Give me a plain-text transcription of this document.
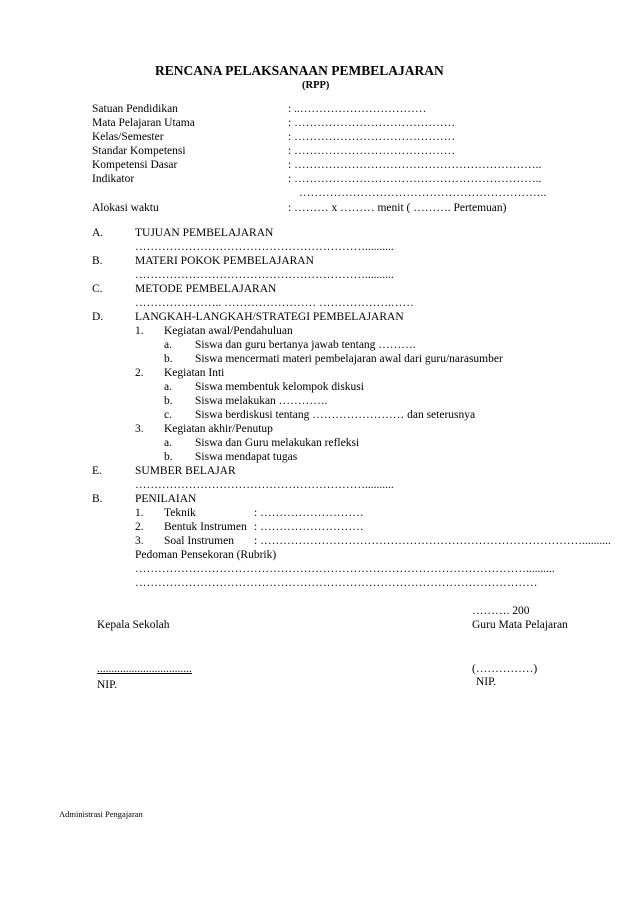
RENCANA PELAKSANAAN PEMBELAJARAN
(RPP)
Satuan Pendidikan	: ..……………………………
Mata Pelajaran Utama	: ……………………………………
Kelas/Semester	: ……………………………………
Standar Kompetensi	: ……………………………………
Kompetensi Dasar	: ………………………………………………………..
Indikator	: ………………………………………………………..
………………………………………………………..
Alokasi waktu	: ……… x ……… menit ( ………. Pertemuan)
A.	TUJUAN PEMBELAJARAN
……………………………………………………..........
B.	MATERI POKOK PEMBELAJARAN
……………………………………………………..........
C.	METODE PEMBELAJARAN
………………….. …………………… ……………….……
D.	LANGKAH-LANGKAH/STRATEGI PEMBELAJARAN
1. Kegiatan awal/Pendahuluan
a. Siswa dan guru bertanya jawab tentang ……….
b. Siswa mencermati materi pembelajaran awal dari guru/narasumber
2. Kegiatan Inti
a. Siswa membentuk kelompok diskusi
b. Siswa melakukan ………….
c. Siswa berdiskusi tentang …………………… dan seterusnya
3. Kegiatan akhir/Penutup
a. Siswa dan Guru melakukan refleksi
b. Siswa mendapat tugas
E.	SUMBER BELAJAR
……………………………………………………..........
B.	PENILAIAN
1. Teknik	: ………………………
2. Bentuk Instrumen : ………………………
3. Soal Instrumen : …………………………………………………………………………..........
Pedoman Pensekoran (Rubrik)
…………………………………………………………………………………………..........
……………………………………………………………………………………………
………. 200
Kepala Sekolah	Guru Mata Pelajaran
.................................	(……………)
NIP.	NIP.
Administrasi Pengajaran
